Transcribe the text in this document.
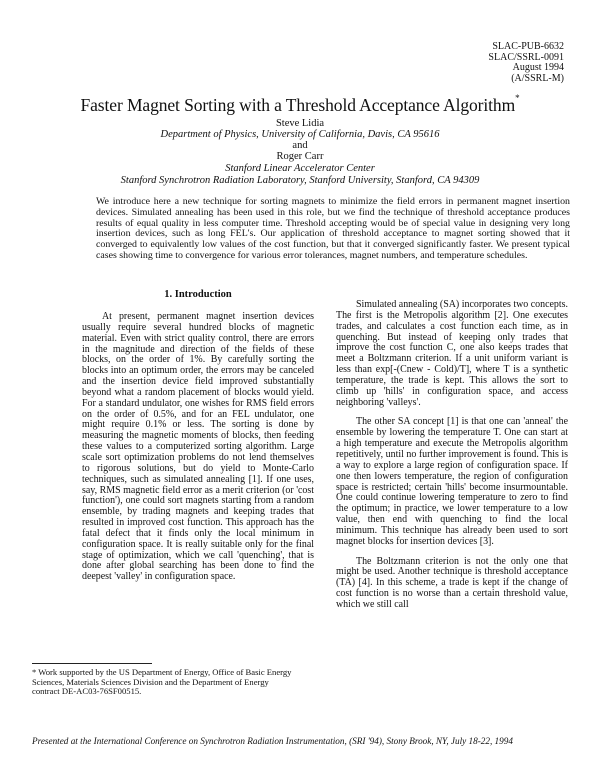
SLAC-PUB-6632
SLAC/SSRL-0091
August 1994
(A/SSRL-M)
Faster Magnet Sorting with a Threshold Acceptance Algorithm*
Steve Lidia
Department of Physics, University of California, Davis, CA 95616
and
Roger Carr
Stanford Linear Accelerator Center
Stanford Synchrotron Radiation Laboratory, Stanford University, Stanford, CA 94309
We introduce here a new technique for sorting magnets to minimize the field errors in permanent magnet insertion devices. Simulated annealing has been used in this role, but we find the technique of threshold acceptance produces results of equal quality in less computer time. Threshold accepting would be of special value in designing very long insertion devices, such as long FEL's. Our application of threshold acceptance to magnet sorting showed that it converged to equivalently low values of the cost function, but that it converged significantly faster. We present typical cases showing time to convergence for various error tolerances, magnet numbers, and temperature schedules.
1. Introduction

At present, permanent magnet insertion devices usually require several hundred blocks of magnetic material. Even with strict quality control, there are errors in the magnitude and direction of the fields of these blocks, on the order of 1%. By carefully sorting the blocks into an optimum order, the errors may be canceled and the insertion device field improved substantially beyond what a random placement of blocks would yield. For a standard undulator, one wishes for RMS field errors on the order of 0.5%, and for an FEL undulator, one might require 0.1% or less. The sorting is done by measuring the magnetic moments of blocks, then feeding these values to a computerized sorting algorithm. Large scale sort optimization problems do not lend themselves to rigorous solutions, but do yield to Monte-Carlo techniques, such as simulated annealing [1]. If one uses, say, RMS magnetic field error as a merit criterion (or 'cost function'), one could sort magnets starting from a random ensemble, by trading magnets and keeping trades that resulted in improved cost function. This approach has the fatal defect that it finds only the local minimum in configuration space. It is really suitable only for the final stage of optimization, which we call 'quenching', that is done after global searching has been done to find the deepest 'valley' in configuration space.

Simulated annealing (SA) incorporates two concepts. The first is the Metropolis algorithm [2]. One executes trades, and calculates a cost function each time, as in quenching. But instead of keeping only trades that improve the cost function C, one also keeps trades that meet a Boltzmann criterion. If a unit uniform variant is less than exp[-(Cnew - Cold)/T], where T is a synthetic temperature, the trade is kept. This allows the sort to climb up 'hills' in configuration space, and access neighboring 'valleys'.

The other SA concept [1] is that one can 'anneal' the ensemble by lowering the temperature T. One can start at a high temperature and execute the Metropolis algorithm repetitively, until no further improvement is found. This is a way to explore a large region of configuration space. If one then lowers temperature, the region of configuration space is restricted; certain 'hills' become insurmountable. One could continue lowering temperature to zero to find the optimum; in practice, we lower temperature to a low value, then end with quenching to find the local minimum. This technique has already been used to sort magnet blocks for insertion devices [3].

The Boltzmann criterion is not the only one that might be used. Another technique is threshold acceptance (TA) [4]. In this scheme, a trade is kept if the change of cost function is no worse than a certain threshold value, which we still call

* Work supported by the US Department of Energy, Office of Basic Energy Sciences, Materials Sciences Division and the Department of Energy contract DE-AC03-76SF00515.
Presented at the International Conference on Synchrotron Radiation Instrumentation, (SRI '94), Stony Brook, NY, July 18-22, 1994
